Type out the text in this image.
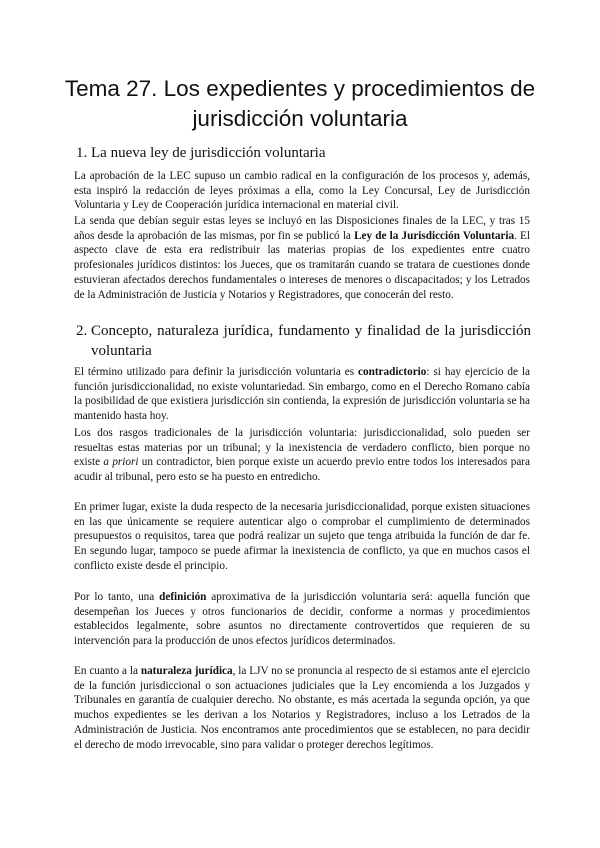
Tema 27. Los expedientes y procedimientos de
jurisdicción voluntaria
1. La nueva ley de jurisdicción voluntaria

La aprobación de la LEC supuso un cambio radical en la configuración de los procesos y, además, esta inspiró la redacción de leyes próximas a ella, como la Ley Concursal, Ley de Jurisdicción Voluntaria y Ley de Cooperación jurídica internacional en material civil.

La senda que debían seguir estas leyes se incluyó en las Disposiciones finales de la LEC, y tras 15 años desde la aprobación de las mismas, por fin se publicó la Ley de la Jurisdicción Voluntaria. El aspecto clave de esta era redistribuir las materias propias de los expedientes entre cuatro profesionales jurídicos distintos: los Jueces, que os tramitarán cuando se tratara de cuestiones donde estuvieran afectados derechos fundamentales o intereses de menores o discapacitados; y los Letrados de la Administración de Justicia y Notarios y Registradores, que conocerán del resto.

2. Concepto, naturaleza jurídica, fundamento y finalidad de la jurisdicción voluntaria

El término utilizado para definir la jurisdicción voluntaria es contradictorio: si hay ejercicio de la función jurisdiccionalidad, no existe voluntariedad. Sin embargo, como en el Derecho Romano cabía la posibilidad de que existiera jurisdicción sin contienda, la expresión de jurisdicción voluntaria se ha mantenido hasta hoy.

Los dos rasgos tradicionales de la jurisdicción voluntaria: jurisdiccionalidad, solo pueden ser resueltas estas materias por un tribunal; y la inexistencia de verdadero conflicto, bien porque no existe a priori un contradictor, bien porque existe un acuerdo previo entre todos los interesados para acudir al tribunal, pero esto se ha puesto en entredicho.

En primer lugar, existe la duda respecto de la necesaria jurisdiccionalidad, porque existen situaciones en las que únicamente se requiere autenticar algo o comprobar el cumplimiento de determinados presupuestos o requisitos, tarea que podrá realizar un sujeto que tenga atribuida la función de dar fe. En segundo lugar, tampoco se puede afirmar la inexistencia de conflicto, ya que en muchos casos el conflicto existe desde el principio.

Por lo tanto, una definición aproximativa de la jurisdicción voluntaria será: aquella función que desempeñan los Jueces y otros funcionarios de decidir, conforme a normas y procedimientos establecidos legalmente, sobre asuntos no directamente controvertidos que requieren de su intervención para la producción de unos efectos jurídicos determinados.

En cuanto a la naturaleza jurídica, la LJV no se pronuncia al respecto de si estamos ante el ejercicio de la función jurisdiccional o son actuaciones judiciales que la Ley encomienda a los Juzgados y Tribunales en garantía de cualquier derecho. No obstante, es más acertada la segunda opción, ya que muchos expedientes se les derivan a los Notarios y Registradores, incluso a los Letrados de la Administración de Justicia. Nos encontramos ante procedimientos que se establecen, no para decidir el derecho de modo irrevocable, sino para validar o proteger derechos legítimos.
